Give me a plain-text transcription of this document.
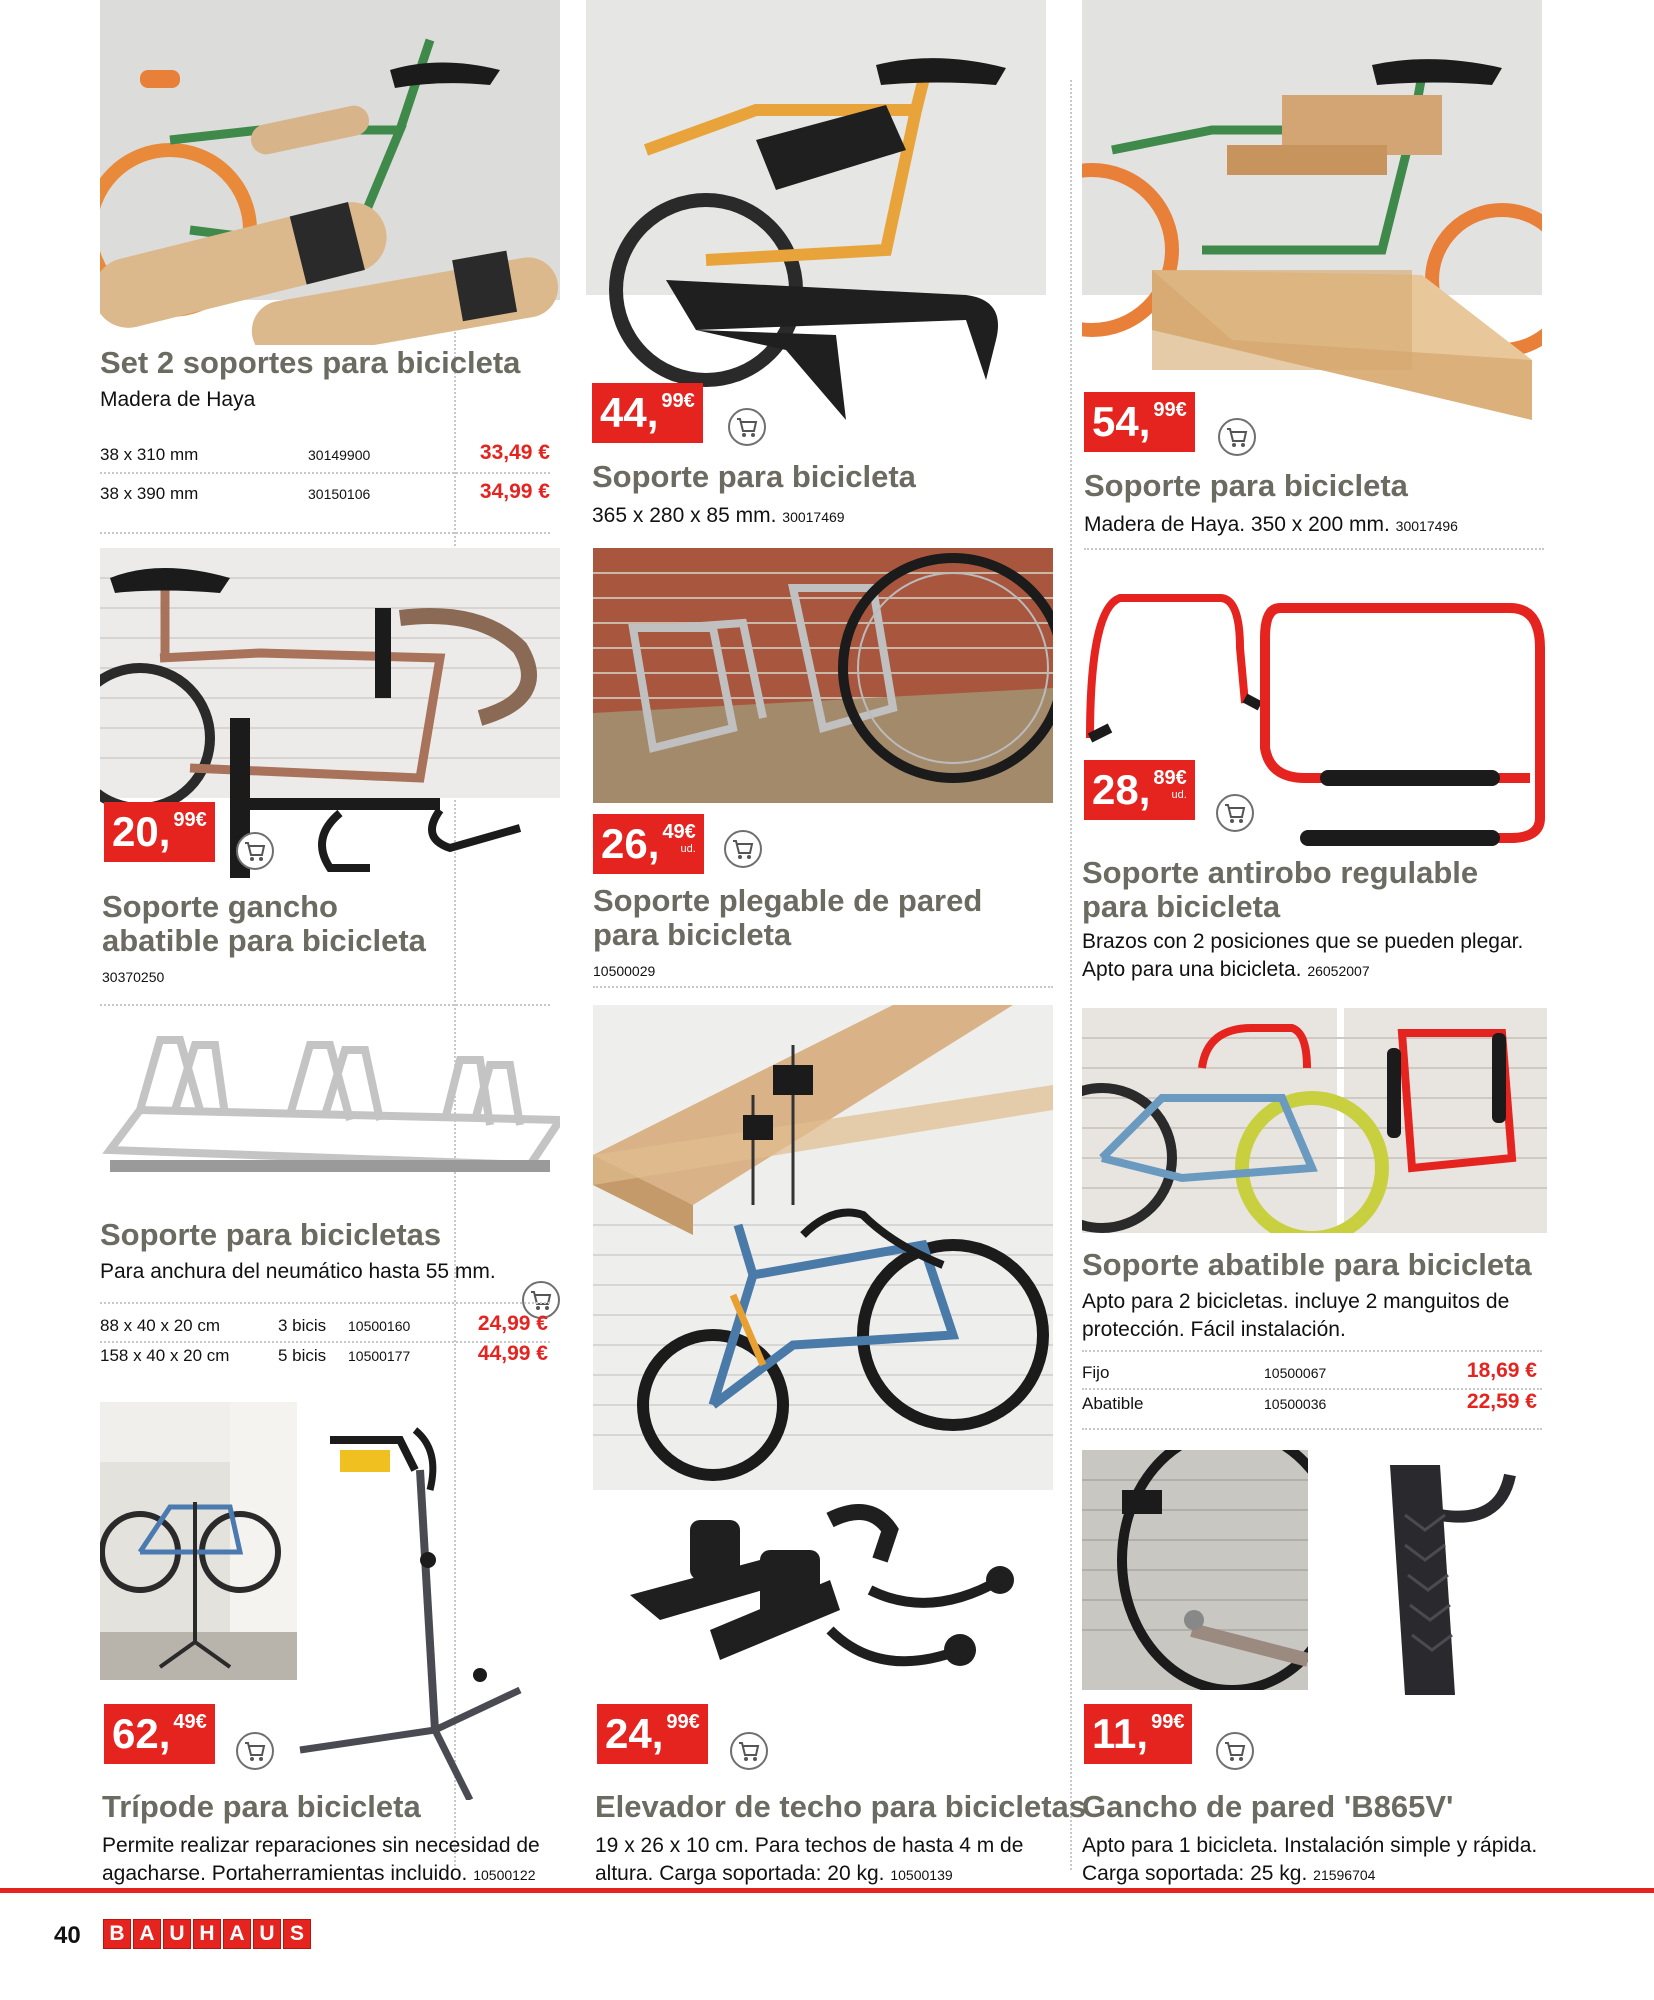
Set 2 soportes para bicicleta
Madera de Haya
38 x 310 mm	30149900	33,49 €
38 x 390 mm	30150106	34,99 €
44, 99€
Soporte para bicicleta
365 x 280 x 85 mm. 30017469
54, 99€
Soporte para bicicleta
Madera de Haya. 350 x 200 mm. 30017496
20, 99€
Soporte gancho
abatible para bicicleta
30370250
26, 49€
ud.
Soporte plegable de pared
para bicicleta
10500029
28, 89€
ud.
Soporte antirobo regulable
para bicicleta
Brazos con 2 posiciones que se pueden plegar.
Apto para una bicicleta. 26052007
Soporte para bicicletas
Para anchura del neumático hasta 55 mm.
88 x 40 x 20 cm	3 bicis 10500160	24,99 €
158 x 40 x 20 cm	5 bicis 10500177	44,99 €
Soporte abatible para bicicleta
Apto para 2 bicicletas. incluye 2 manguitos de
protección. Fácil instalación.
Fijo	10500067	18,69 €
Abatible	10500036	22,59 €
62, 49€
Trípode para bicicleta
Permite realizar reparaciones sin necesidad de
agacharse. Portaherramientas incluido. 10500122
24, 99€
Elevador de techo para bicicletas
19 x 26 x 10 cm. Para techos de hasta 4 m de
altura. Carga soportada: 20 kg. 10500139
11, 99€
Gancho de pared 'B865V'
Apto para 1 bicicleta. Instalación simple y rápida.
Carga soportada: 25 kg. 21596704
40	B A U H A U S
